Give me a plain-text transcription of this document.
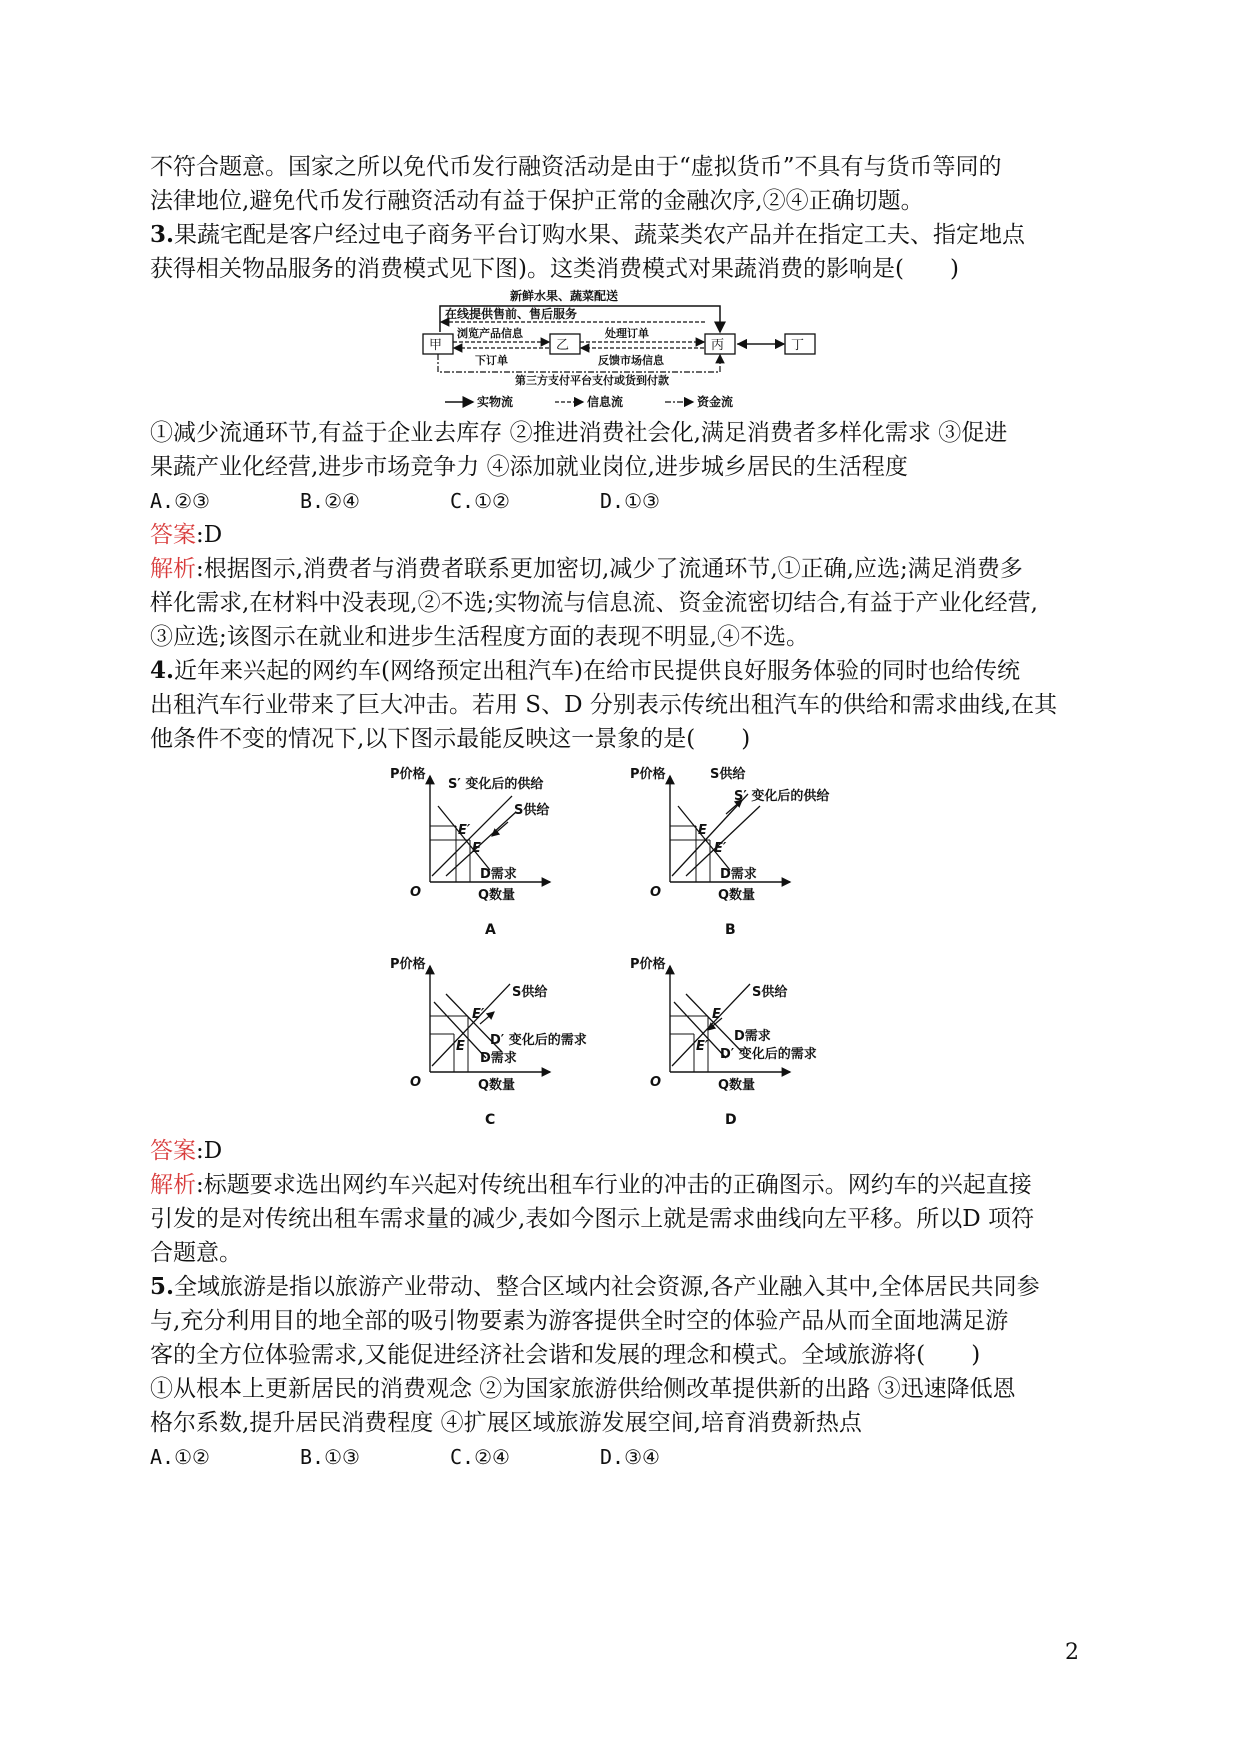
不符合题意。国家之所以免代币发行融资活动是由于“虚拟货币”不具有与货币等同的
法律地位,避免代币发行融资活动有益于保护正常的金融次序,②④正确切题。
3.果蔬宅配是客户经过电子商务平台订购水果、蔬菜类农产品并在指定工夫、指定地点
获得相关物品服务的消费模式见下图)。这类消费模式对果蔬消费的影响是(　　)
新鲜水果、蔬菜配送
在线提供售前、售后服务
甲	乙	丙	丁
浏览产品信息
下订单
处理订单
反馈市场信息
第三方支付平台支付或货到付款
实物流	信息流	资金流
①减少流通环节,有益于企业去库存 ②推进消费社会化,满足消费者多样化需求 ③促进
果蔬产业化经营,进步市场竞争力 ④添加就业岗位,进步城乡居民的生活程度
A.②③	B.②④	C.①②	D.①③
答案:D
解析:根据图示,消费者与消费者联系更加密切,减少了流通环节,①正确,应选;满足消费多
样化需求,在材料中没表现,②不选;实物流与信息流、资金流密切结合,有益于产业化经营,
③应选;该图示在就业和进步生活程度方面的表现不明显,④不选。
4.近年来兴起的网约车(网络预定出租汽车)在给市民提供良好服务体验的同时也给传统
出租汽车行业带来了巨大冲击。若用 S、D 分别表示传统出租汽车的供给和需求曲线,在其
他条件不变的情况下,以下图示最能反映这一景象的是(　　)
P价格
O	Q数量
S′ 变化后的供给
S供给
E′
E
D需求
A
P价格
O	Q数量
S供给
S′ 变化后的供给
E
E′
D需求
B
P价格
O	Q数量
S供给
E′
E D′ 变化后的需求
D需求
C
P价格
O	Q数量
S供给
E
E′
D需求
D′ 变化后的需求
D
答案:D
解析:标题要求选出网约车兴起对传统出租车行业的冲击的正确图示。网约车的兴起直接
引发的是对传统出租车需求量的减少,表如今图示上就是需求曲线向左平移。所以D 项符
合题意。
5.全域旅游是指以旅游产业带动、整合区域内社会资源,各产业融入其中,全体居民共同参
与,充分利用目的地全部的吸引物要素为游客提供全时空的体验产品从而全面地满足游
客的全方位体验需求,又能促进经济社会谐和发展的理念和模式。全域旅游将(　　)
①从根本上更新居民的消费观念 ②为国家旅游供给侧改革提供新的出路 ③迅速降低恩
格尔系数,提升居民消费程度 ④扩展区域旅游发展空间,培育消费新热点
A.①②	B.①③	C.②④	D.③④
2
